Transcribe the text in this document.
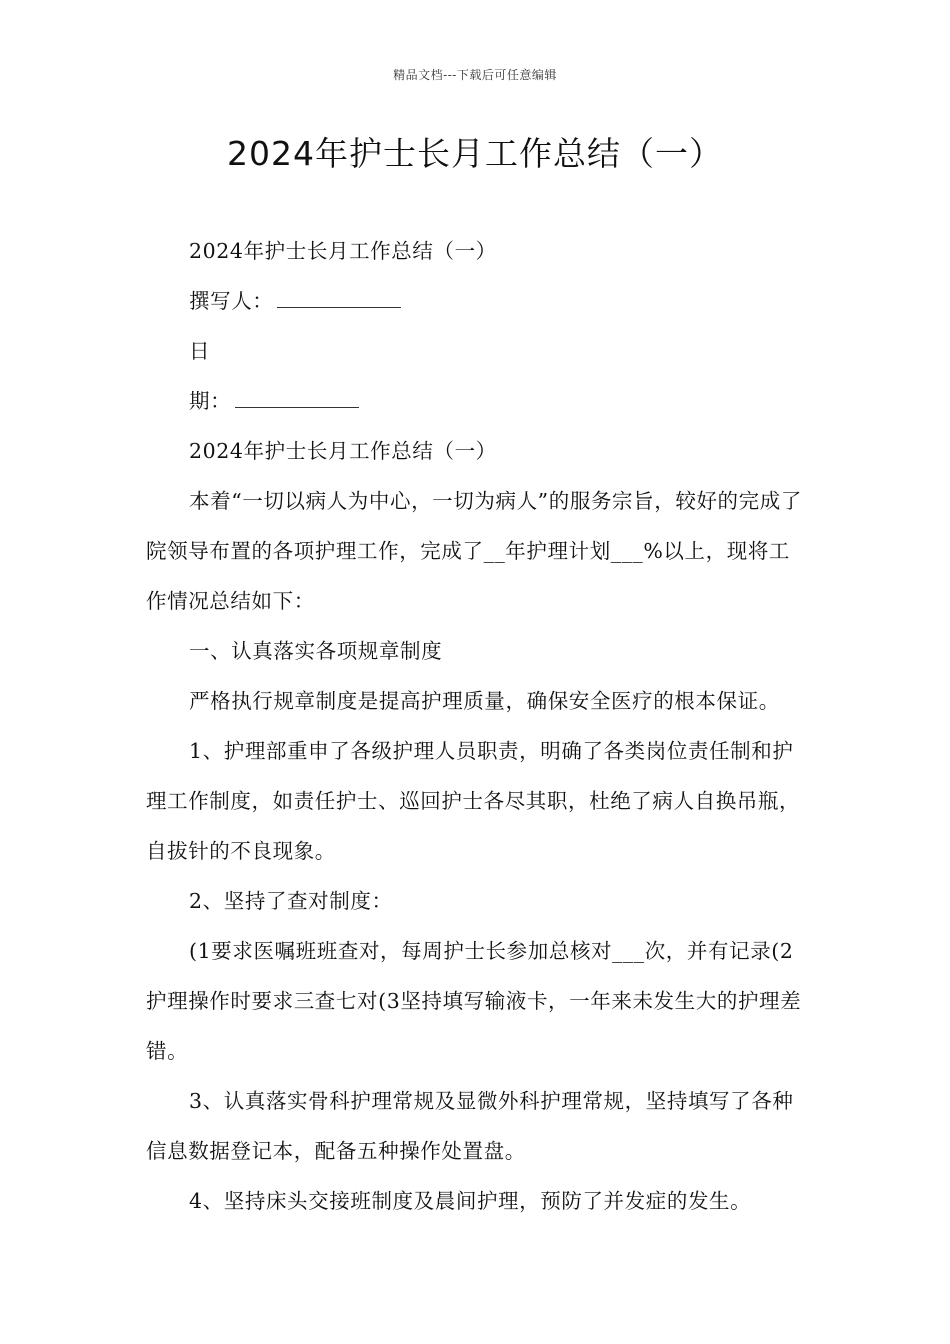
精品文档---下载后可任意编辑
2024年护士长月工作总结（一）

2024年护士长月工作总结（一）

撰写人：

日

期：

2024年护士长月工作总结（一）

本着“一切以病人为中心，一切为病人”的服务宗旨，较好的完成了院领导布置的各项护理工作，完成了__年护理计划___%以上，现将工作情况总结如下：

一、认真落实各项规章制度

严格执行规章制度是提高护理质量，确保安全医疗的根本保证。

1、护理部重申了各级护理人员职责，明确了各类岗位责任制和护理工作制度，如责任护士、巡回护士各尽其职，杜绝了病人自换吊瓶，自拔针的不良现象。

2、坚持了查对制度：

(1要求医嘱班班查对，每周护士长参加总核对___次，并有记录(2护理操作时要求三查七对(3坚持填写输液卡，一年来未发生大的护理差错。

3、认真落实骨科护理常规及显微外科护理常规，坚持填写了各种信息数据登记本，配备五种操作处置盘。

4、坚持床头交接班制度及晨间护理，预防了并发症的发生。
